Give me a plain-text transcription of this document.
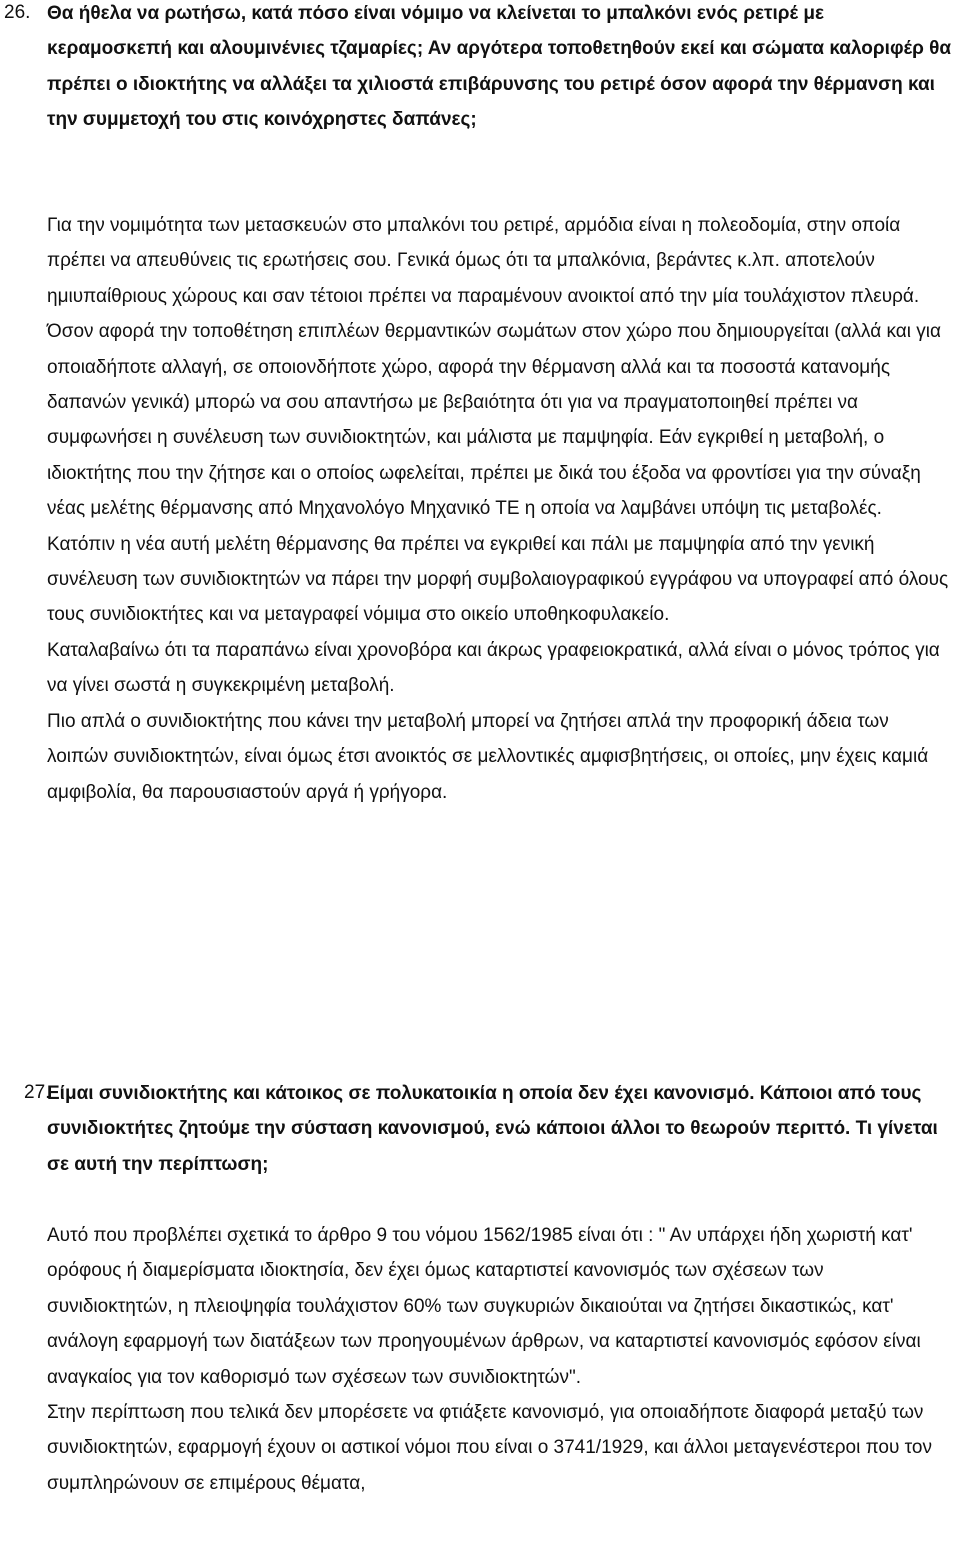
26. Θα ήθελα να ρωτήσω, κατά πόσο είναι νόμιμο να κλείνεται το μπαλκόνι ενός ρετιρέ με κεραμοσκεπή και αλουμινένιες τζαμαρίες; Αν αργότερα τοποθετηθούν εκεί και σώματα καλοριφέρ θα πρέπει ο ιδιοκτήτης να αλλάξει τα χιλιοστά επιβάρυνσης του ρετιρέ όσον αφορά την θέρμανση και την συμμετοχή του στις κοινόχρηστες δαπάνες;

Για την νομιμότητα των μετασκευών στο μπαλκόνι του ρετιρέ, αρμόδια είναι η πολεοδομία, στην οποία πρέπει να απευθύνεις τις ερωτήσεις σου. Γενικά όμως ότι τα μπαλκόνια, βεράντες κ.λπ. αποτελούν ημιυπαίθριους χώρους και σαν τέτοιοι πρέπει να παραμένουν ανοικτοί από την μία τουλάχιστον πλευρά.

Όσον αφορά την τοποθέτηση επιπλέων θερμαντικών σωμάτων στον χώρο που δημιουργείται (αλλά και για οποιαδήποτε αλλαγή, σε οποιονδήποτε χώρο, αφορά την θέρμανση αλλά και τα ποσοστά κατανομής δαπανών γενικά) μπορώ να σου απαντήσω με βεβαιότητα ότι για να πραγματοποιηθεί πρέπει να συμφωνήσει η συνέλευση των συνιδιοκτητών, και μάλιστα με παμψηφία. Εάν εγκριθεί η μεταβολή, ο ιδιοκτήτης που την ζήτησε και ο οποίος ωφελείται, πρέπει με δικά του έξοδα να φροντίσει για την σύναξη νέας μελέτης θέρμανσης από Μηχανολόγο Μηχανικό ΤΕ η οποία να λαμβάνει υπόψη τις μεταβολές. Κατόπιν η νέα αυτή μελέτη θέρμανσης θα πρέπει να εγκριθεί και πάλι με παμψηφία από την γενική συνέλευση των συνιδιοκτητών να πάρει την μορφή συμβολαιογραφικού εγγράφου να υπογραφεί από όλους τους συνιδιοκτήτες και να μεταγραφεί νόμιμα στο οικείο υποθηκοφυλακείο.

Καταλαβαίνω ότι τα παραπάνω είναι χρονοβόρα και άκρως γραφειοκρατικά, αλλά είναι ο μόνος τρόπος για να γίνει σωστά η συγκεκριμένη μεταβολή.

Πιο απλά ο συνιδιοκτήτης που κάνει την μεταβολή μπορεί να ζητήσει απλά την προφορική άδεια των λοιπών συνιδιοκτητών, είναι όμως έτσι ανοικτός σε μελλοντικές αμφισβητήσεις, οι οποίες, μην έχεις καμιά αμφιβολία, θα παρουσιαστούν αργά ή γρήγορα.

27.
Είμαι συνιδιοκτήτης και κάτοικος σε πολυκατοικία η οποία δεν έχει κανονισμό. Κάποιοι από τους συνιδιοκτήτες ζητούμε την σύσταση κανονισμού, ενώ κάποιοι άλλοι το θεωρούν περιττό. Τι γίνεται σε αυτή την περίπτωση;

Αυτό που προβλέπει σχετικά το άρθρο 9 του νόμου 1562/1985 είναι ότι : " Αν υπάρχει ήδη χωριστή κατ' ορόφους ή διαμερίσματα ιδιοκτησία, δεν έχει όμως καταρτιστεί κανονισμός των σχέσεων των συνιδιοκτητών, η πλειοψηφία τουλάχιστον 60% των συγκυριών δικαιούται να ζητήσει δικαστικώς, κατ' ανάλογη εφαρμογή των διατάξεων των προηγουμένων άρθρων, να καταρτιστεί κανονισμός εφόσον είναι αναγκαίος για τον καθορισμό των σχέσεων των συνιδιοκτητών".

Στην περίπτωση που τελικά δεν μπορέσετε να φτιάξετε κανονισμό, για οποιαδήποτε διαφορά μεταξύ των συνιδιοκτητών, εφαρμογή έχουν οι αστικοί νόμοι που είναι ο 3741/1929, και άλλοι μεταγενέστεροι που τον συμπληρώνουν σε επιμέρους θέματα,
